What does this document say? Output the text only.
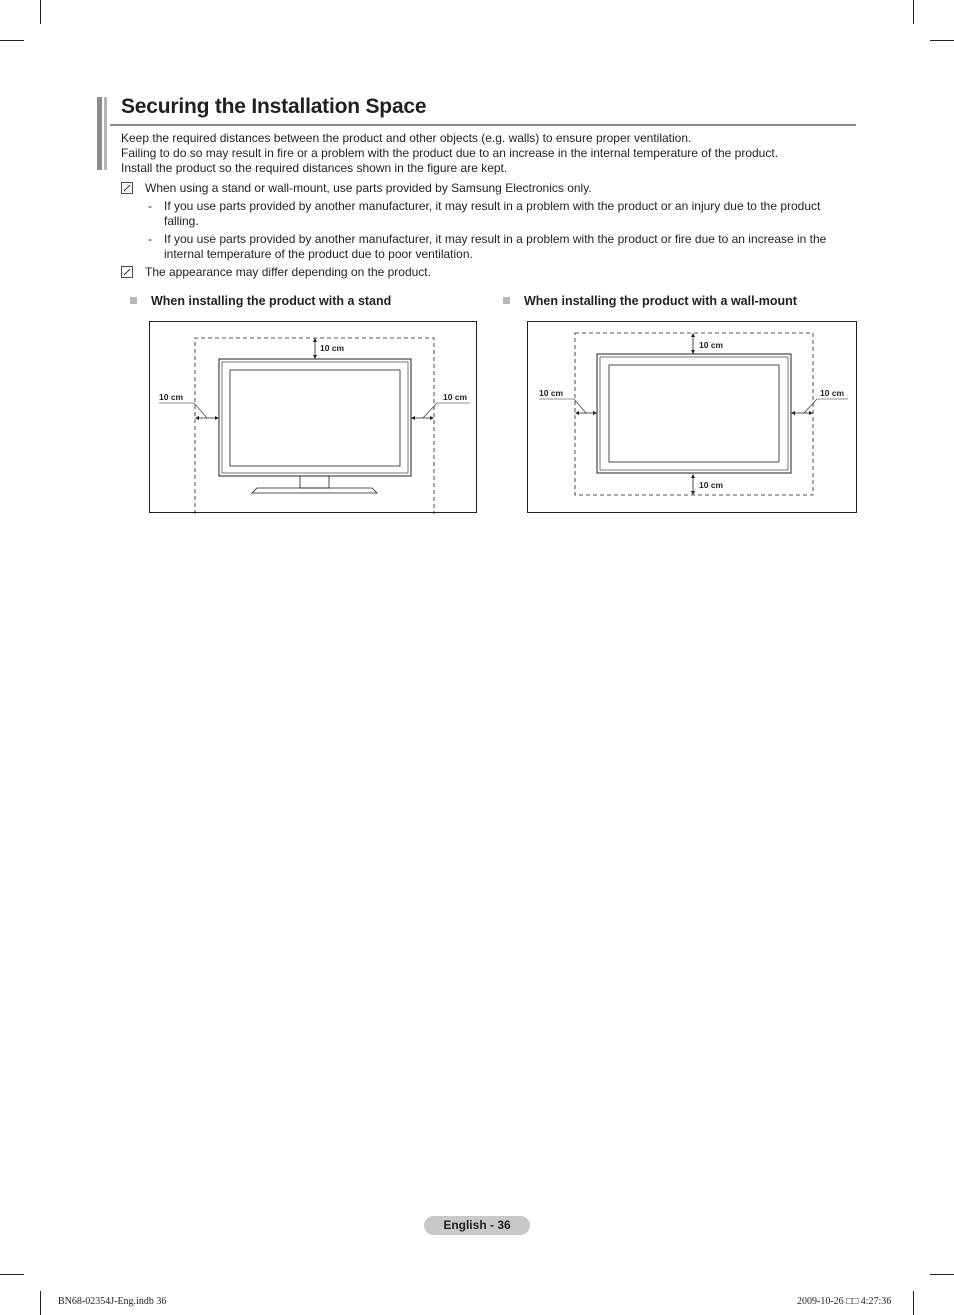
Securing the Installation Space

Keep the required distances between the product and other objects (e.g. walls) to ensure proper ventilation.

Failing to do so may result in fire or a problem with the product due to an increase in the internal temperature of the product.

Install the product so the required distances shown in the figure are kept.

When using a stand or wall-mount, use parts provided by Samsung Electronics only.
- If you use parts provided by another manufacturer, it may result in a problem with the product or an injury due to the product falling.
- If you use parts provided by another manufacturer, it may result in a problem with the product or fire due to an increase in the internal temperature of the product due to poor ventilation.
The appearance may differ depending on the product.
When installing the product with a stand	When installing the product with a wall-mount
10 cm
10 cm	10 cm
10 cm
10 cm
10 cm	10 cm
English - 36
BN68-02354J-Eng.indb 36	2009-10-26 □□ 4:27:36
